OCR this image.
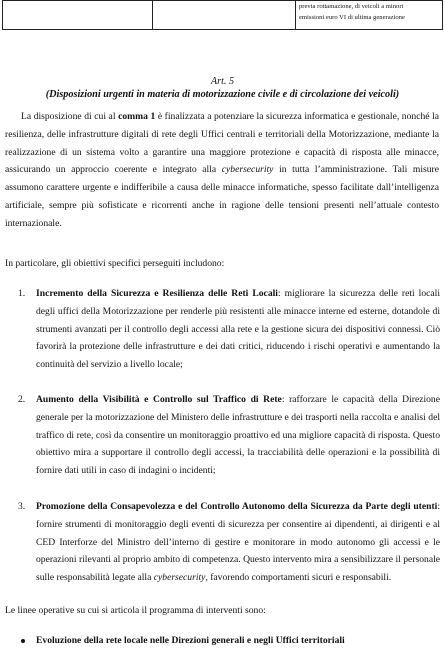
		previa rottamazione, di veicoli a minori
emissioni euro VI di ultima generazione
Art. 5
(Disposizioni urgenti in materia di motorizzazione civile e di circolazione dei veicoli)
La disposizione di cui al comma 1 è finalizzata a potenziare la sicurezza informatica e gestionale, nonché la resilienza, delle infrastrutture digitali di rete degli Uffici centrali e territoriali della Motorizzazione, mediante la realizzazione di un sistema volto a garantire una maggiore protezione e capacità di risposta alle minacce, assicurando un approccio coerente e integrato alla cybersecurity in tutta l’amministrazione. Tali misure assumono carattere urgente e indifferibile a causa delle minacce informatiche, spesso facilitate dall’intelligenza artificiale, sempre più sofisticate e ricorrenti anche in ragione delle tensioni presenti nell’attuale contesto internazionale.
In particolare, gli obiettivi specifici perseguiti includono:
1. Incremento della Sicurezza e Resilienza delle Reti Locali: migliorare la sicurezza delle reti locali degli uffici della Motorizzazione per renderle più resistenti alle minacce interne ed esterne, dotandole di strumenti avanzati per il controllo degli accessi alla rete e la gestione sicura dei dispositivi connessi. Ciò favorirà la protezione delle infrastrutture e dei dati critici, riducendo i rischi operativi e aumentando la continuità del servizio a livello locale;
2. Aumento della Visibilità e Controllo sul Traffico di Rete: rafforzare le capacità della Direzione generale per la motorizzazione del Ministero delle infrastrutture e dei trasporti nella raccolta e analisi del traffico di rete, così da consentire un monitoraggio proattivo ed una migliore capacità di risposta. Questo obiettivo mira a supportare il controllo degli accessi, la tracciabilità delle operazioni e la possibilità di fornire dati utili in caso di indagini o incidenti;
3. Promozione della Consapevolezza e del Controllo Autonomo della Sicurezza da Parte degli utenti: fornire strumenti di monitoraggio degli eventi di sicurezza per consentire ai dipendenti, ai dirigenti e al CED Interforze del Ministro dell’interno di gestire e monitorare in modo autonomo gli accessi e le operazioni rilevanti al proprio ambito di competenza. Questo intervento mira a sensibilizzare il personale sulle responsabilità legate alla cybersecurity, favorendo comportamenti sicuri e responsabili.
Le linee operative su cui si articola il programma di interventi sono:
Evoluzione della rete locale nelle Direzioni generali e negli Uffici territoriali
